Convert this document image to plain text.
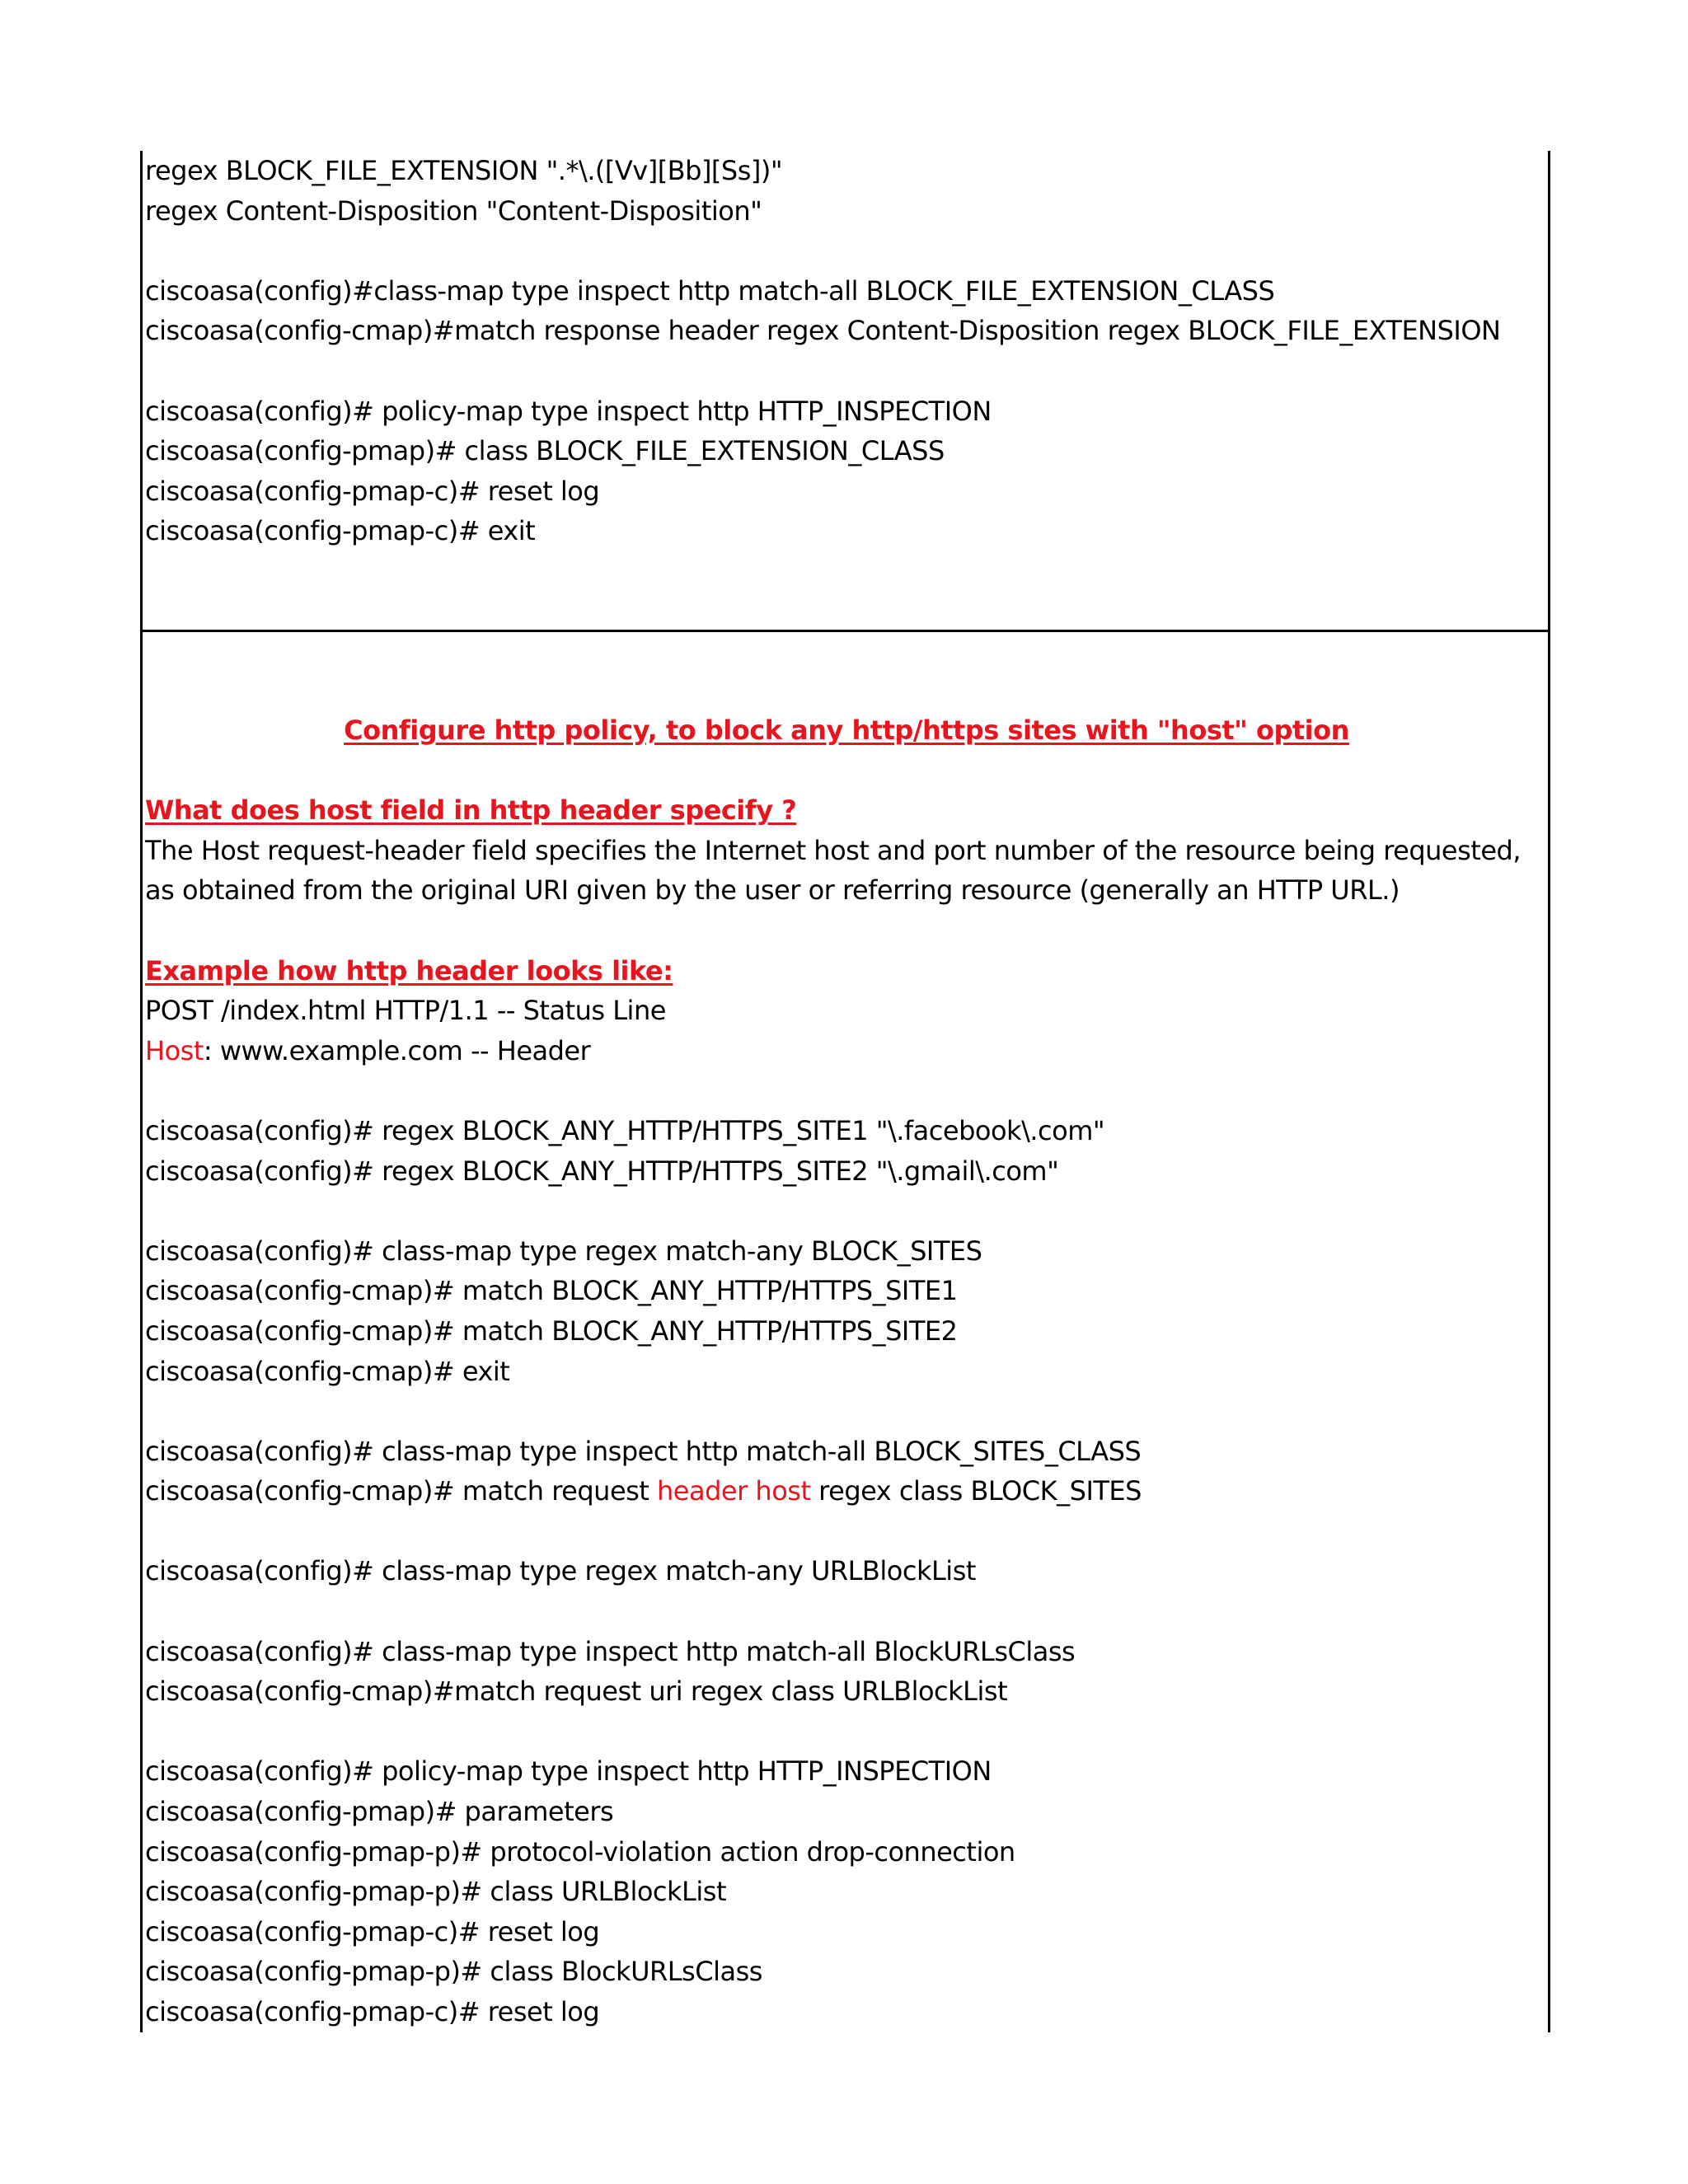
regex BLOCK_FILE_EXTENSION ".*\.([Vv][Bb][Ss])"
regex Content-Disposition "Content-Disposition"
ciscoasa(config)#class-map type inspect http match-all BLOCK_FILE_EXTENSION_CLASS
ciscoasa(config-cmap)#match response header regex Content-Disposition regex BLOCK_FILE_EXTENSION
ciscoasa(config)# policy-map type inspect http HTTP_INSPECTION
ciscoasa(config-pmap)# class BLOCK_FILE_EXTENSION_CLASS
ciscoasa(config-pmap-c)# reset log
ciscoasa(config-pmap-c)# exit
Configure http policy, to block any http/https sites with "host" option
What does host field in http header specify ?
The Host request-header field specifies the Internet host and port number of the resource being requested, as obtained from the original URI given by the user or referring resource (generally an HTTP URL.)
Example how http header looks like:
POST /index.html HTTP/1.1 -- Status Line
Host: www.example.com -- Header
ciscoasa(config)# regex BLOCK_ANY_HTTP/HTTPS_SITE1 "\.facebook\.com"
ciscoasa(config)# regex BLOCK_ANY_HTTP/HTTPS_SITE2 "\.gmail\.com"
ciscoasa(config)# class-map type regex match-any BLOCK_SITES
ciscoasa(config-cmap)# match BLOCK_ANY_HTTP/HTTPS_SITE1
ciscoasa(config-cmap)# match BLOCK_ANY_HTTP/HTTPS_SITE2
ciscoasa(config-cmap)# exit
ciscoasa(config)# class-map type inspect http match-all BLOCK_SITES_CLASS
ciscoasa(config-cmap)# match request header host regex class BLOCK_SITES
ciscoasa(config)# class-map type regex match-any URLBlockList
ciscoasa(config)# class-map type inspect http match-all BlockURLsClass
ciscoasa(config-cmap)#match request uri regex class URLBlockList
ciscoasa(config)# policy-map type inspect http HTTP_INSPECTION
ciscoasa(config-pmap)# parameters
ciscoasa(config-pmap-p)# protocol-violation action drop-connection
ciscoasa(config-pmap-p)# class URLBlockList
ciscoasa(config-pmap-c)# reset log
ciscoasa(config-pmap-p)# class BlockURLsClass
ciscoasa(config-pmap-c)# reset log
